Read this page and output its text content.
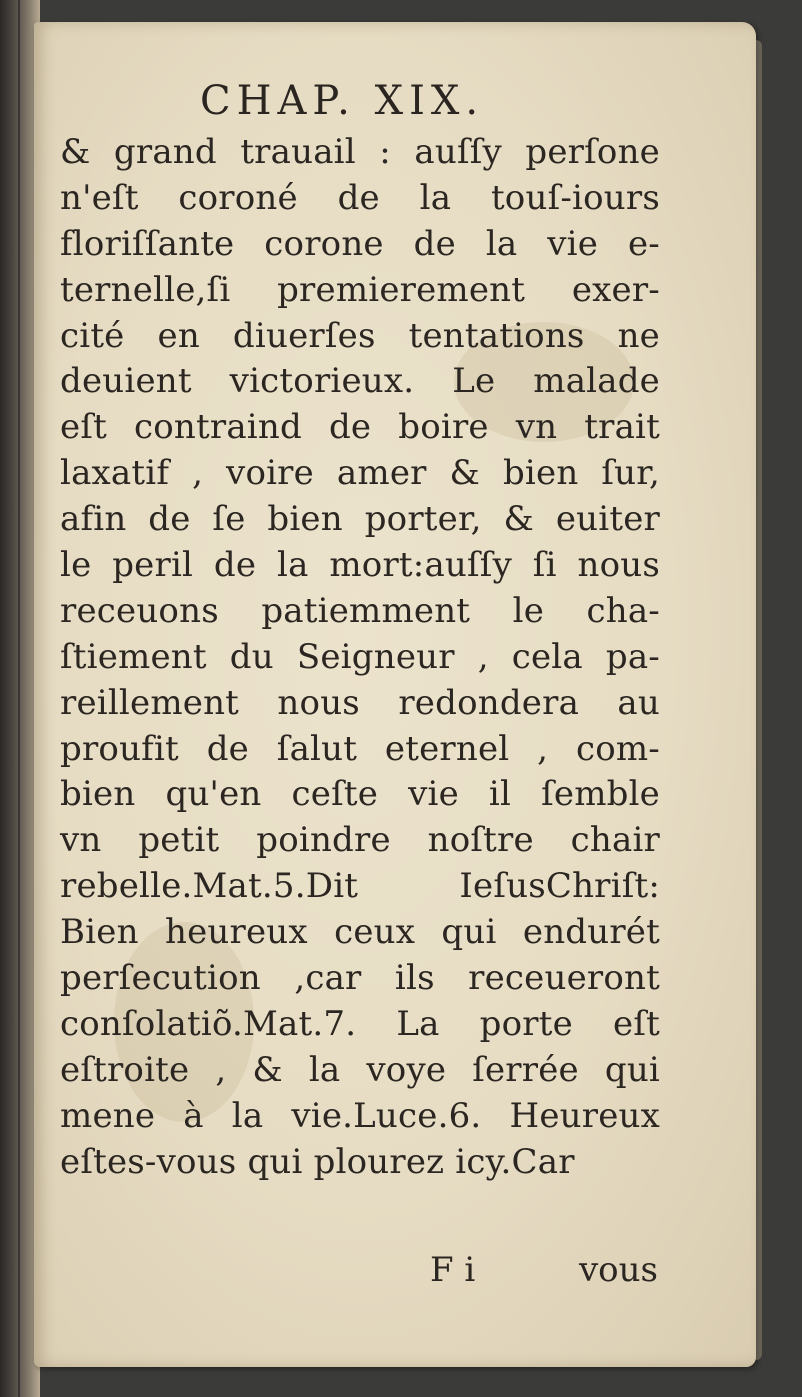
CHAP. XIX.
& grand trauail : auſſy perſone
n'eſt coroné de la touſ-iours
floriſſante corone de la vie e-
ternelle,ſi premierement exer-
cité en diuerſes tentations ne
deuient victorieux. Le malade
eſt contraind de boire vn trait
laxatif , voire amer & bien ſur,
afin de ſe bien porter, & euiter
le peril de la mort:auſſy ſi nous
receuons patiemment le cha-
ſtiement du Seigneur , cela pa-
reillement nous redondera au
proufit de ſalut eternel , com-
bien qu'en ceſte vie il ſemble
vn petit poindre noſtre chair
rebelle.Mat.5.Dit IeſusChriſt:
Bien heureux ceux qui endurét
perſecution ,car ils receueront
conſolatiõ.Mat.7. La porte eſt
eſtroite , & la voye ſerrée qui
mene à la vie.Luce.6. Heureux
eſtes-vous qui plourez icy.Car
F i	vous
